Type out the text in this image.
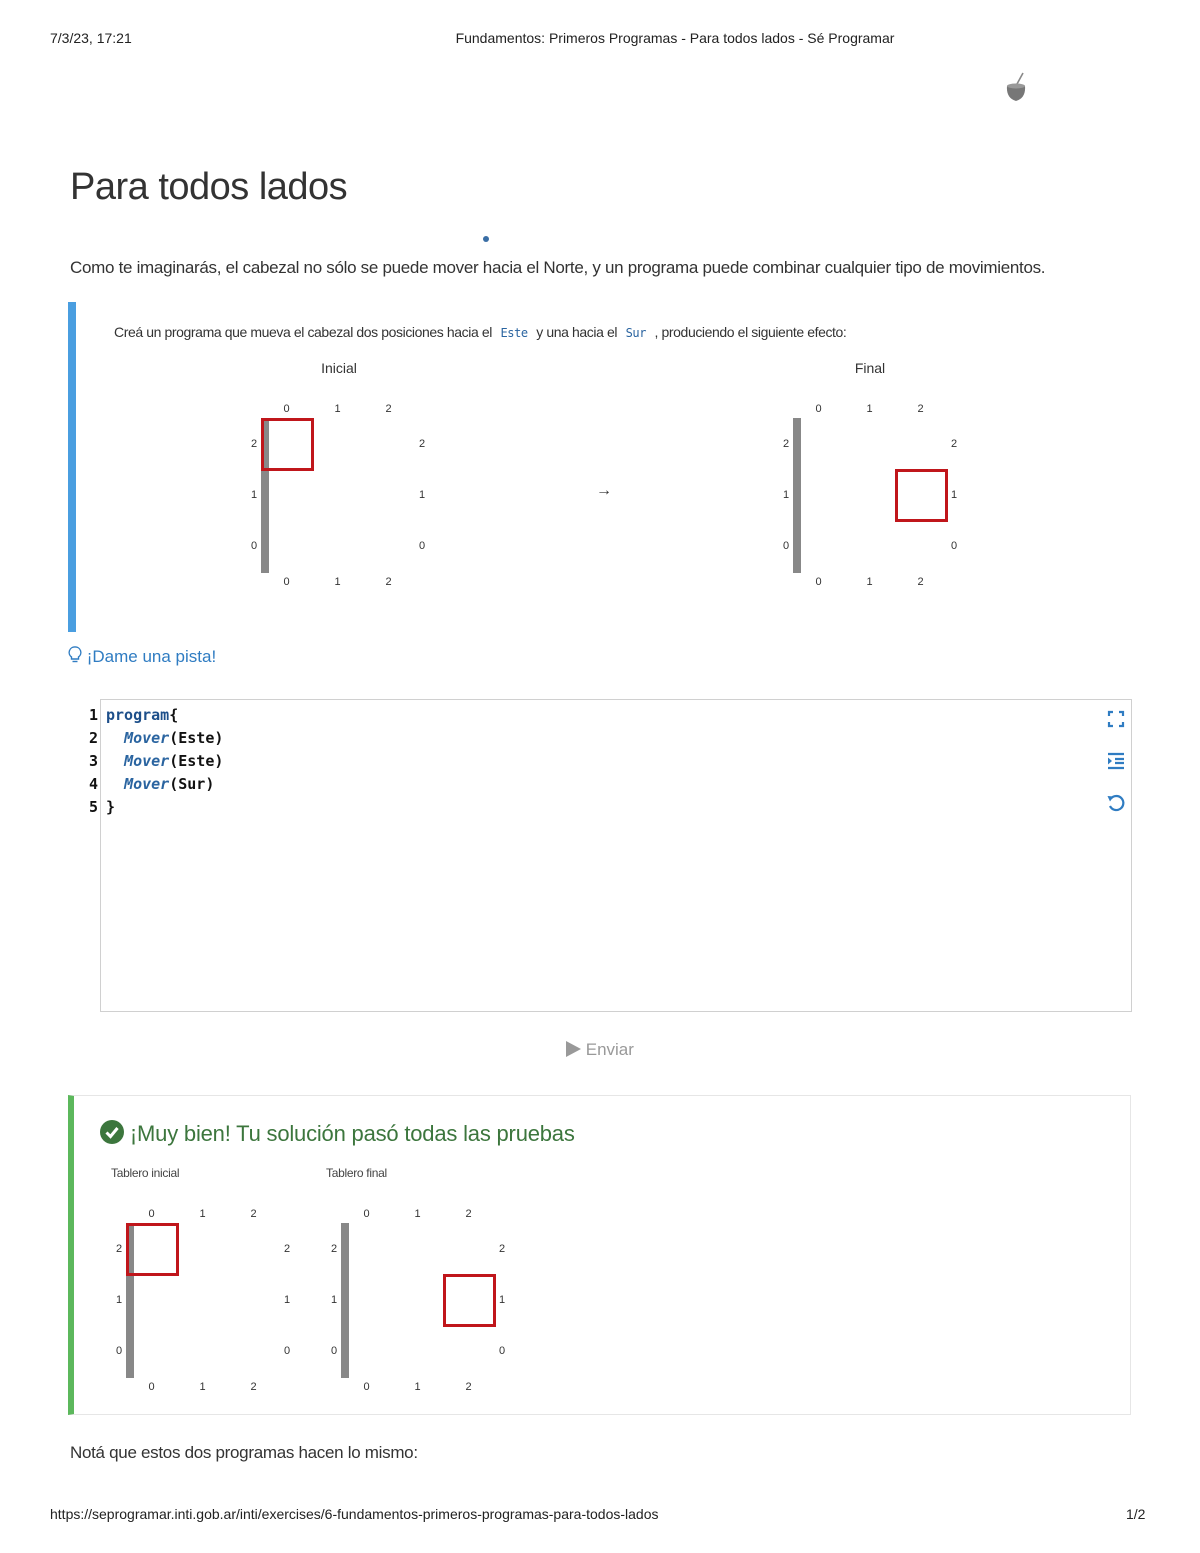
7/3/23, 17:21	Fundamentos: Primeros Programas - Para todos lados - Sé Programar
Para todos lados

Como te imaginarás, el cabezal no sólo se puede mover hacia el Norte, y un programa puede combinar cualquier tipo de movimientos.

Creá un programa que mueva el cabezal dos posiciones hacia el Este y una hacia el Sur , produciendo el siguiente efecto:
Inicial	Final
→

0
0
1
1
2
2
2	2
1	1
0	0

0
0
1
1
2
2
2	2
1	1
0	0
¡Dame una pista!
1
2
3
4
5
program{
Mover(Este)
Mover(Este)
Mover(Sur)
}
Enviar
¡Muy bien! Tu solución pasó todas las pruebas
Tablero inicial	Tablero final

0
0
1
1
2
2
2	2
1	1
0	0

0
0
1
1
2
2
2	2
1	1
0	0
Notá que estos dos programas hacen lo mismo:
https://seprogramar.inti.gob.ar/inti/exercises/6-fundamentos-primeros-programas-para-todos-lados	1/2
